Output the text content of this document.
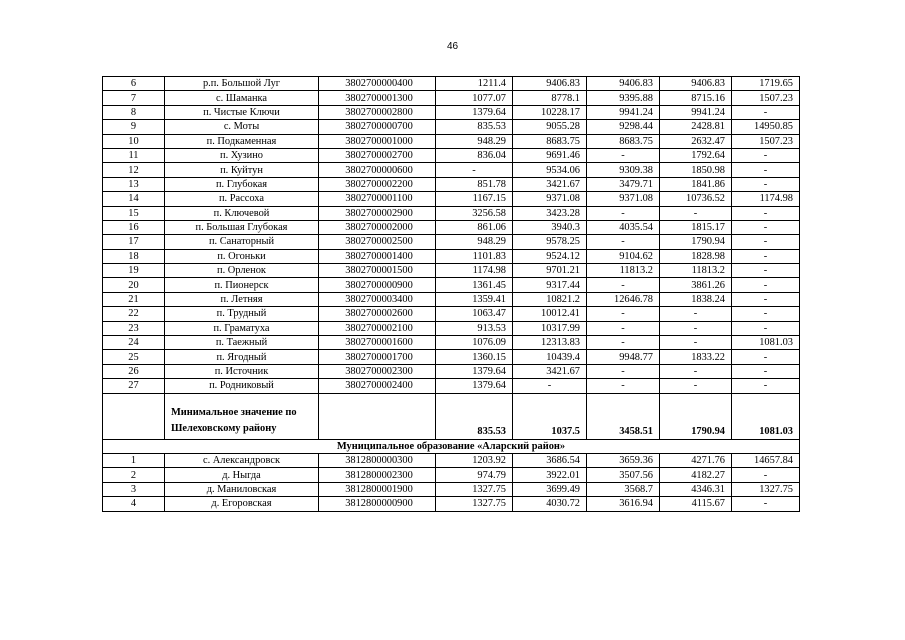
46
6	р.п. Большой Луг	3802700000400	1211.4	9406.83	9406.83	9406.83	1719.65
7	с. Шаманка	3802700001300	1077.07	8778.1	9395.88	8715.16	1507.23
8	п. Чистые Ключи	3802700002800	1379.64	10228.17	9941.24	9941.24	-
9	с. Моты	3802700000700	835.53	9055.28	9298.44	2428.81	14950.85
10	п. Подкаменная	3802700001000	948.29	8683.75	8683.75	2632.47	1507.23
11	п. Хузино	3802700002700	836.04	9691.46	-	1792.64	-
12	п. Куйтун	3802700000600	-	9534.06	9309.38	1850.98	-
13	п. Глубокая	3802700002200	851.78	3421.67	3479.71	1841.86	-
14	п. Рассоха	3802700001100	1167.15	9371.08	9371.08	10736.52	1174.98
15	п. Ключевой	3802700002900	3256.58	3423.28	-	-	-
16	п. Большая Глубокая	3802700002000	861.06	3940.3	4035.54	1815.17	-
17	п. Санаторный	3802700002500	948.29	9578.25	-	1790.94	-
18	п. Огоньки	3802700001400	1101.83	9524.12	9104.62	1828.98	-
19	п. Орленок	3802700001500	1174.98	9701.21	11813.2	11813.2	-
20	п. Пионерск	3802700000900	1361.45	9317.44	-	3861.26	-
21	п. Летняя	3802700003400	1359.41	10821.2	12646.78	1838.24	-
22	п. Трудный	3802700002600	1063.47	10012.41	-	-	-
23	п. Граматуха	3802700002100	913.53	10317.99	-	-	-
24	п. Таежный	3802700001600	1076.09	12313.83	-	-	1081.03
25	п. Ягодный	3802700001700	1360.15	10439.4	9948.77	1833.22	-
26	п. Источник	3802700002300	1379.64	3421.67	-	-	-
27	п. Родниковый	3802700002400	1379.64	-	-	-	-
	Минимальное значение по Шелеховскому району		835.53	1037.5	3458.51	1790.94	1081.03
Муниципальное образование «Аларский район»							
1	с. Александровск	3812800000300	1203.92	3686.54	3659.36	4271.76	14657.84
2	д. Ныгда	3812800002300	974.79	3922.01	3507.56	4182.27	-
3	д. Маниловская	3812800001900	1327.75	3699.49	3568.7	4346.31	1327.75
4	д. Егоровская	3812800000900	1327.75	4030.72	3616.94	4115.67	-
